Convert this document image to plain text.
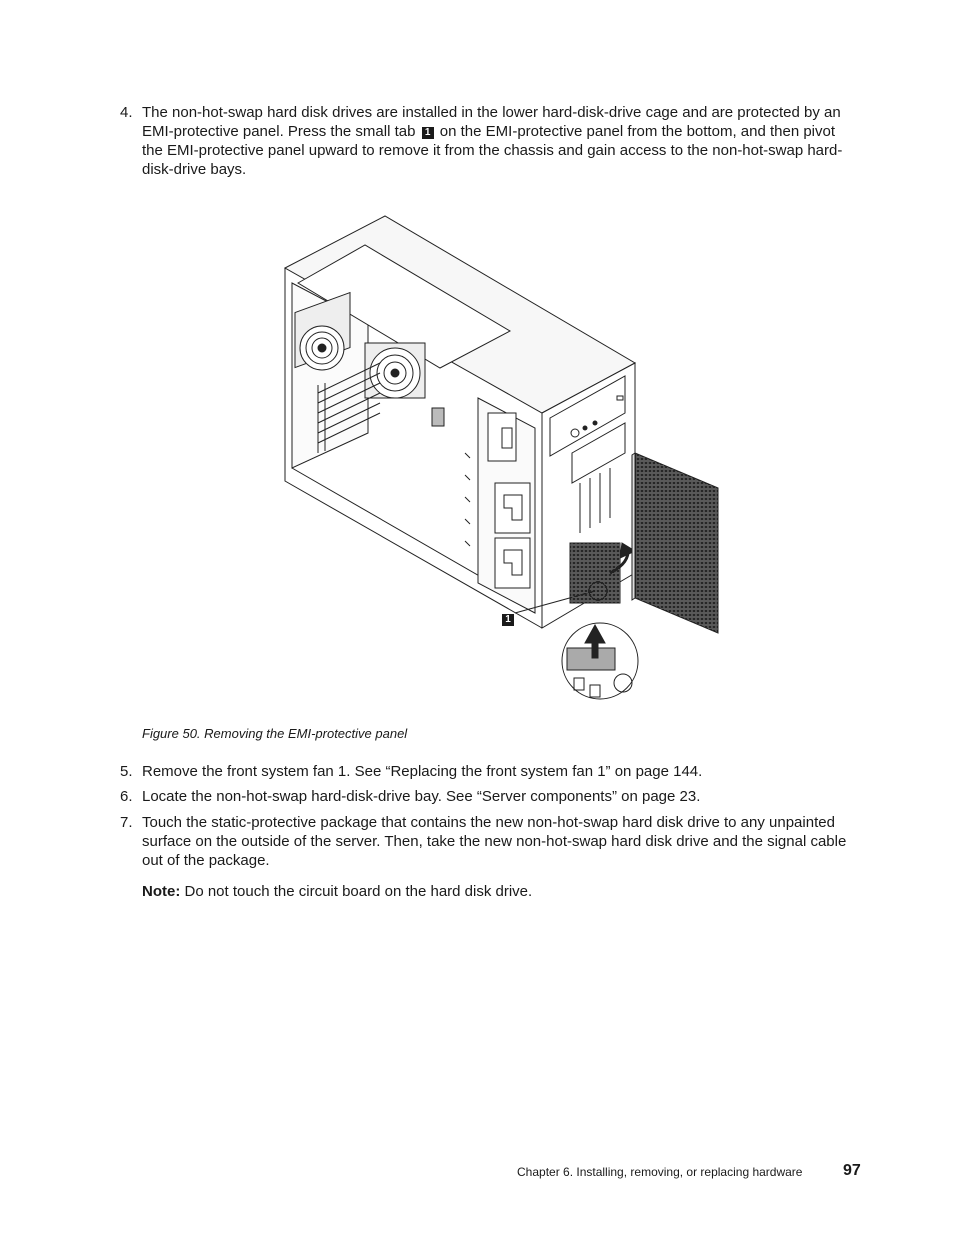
4. The non-hot-swap hard disk drives are installed in the lower hard-disk-drive cage and are protected by an EMI-protective panel. Press the small tab 1 on the EMI-protective panel from the bottom, and then pivot the EMI-protective panel upward to remove it from the chassis and gain access to the non-hot-swap hard-disk-drive bays.
1
Figure 50. Removing the EMI-protective panel
5. Remove the front system fan 1. See “Replacing the front system fan 1” on page 144.
6. Locate the non-hot-swap hard-disk-drive bay. See “Server components” on page 23.
7. Touch the static-protective package that contains the new non-hot-swap hard disk drive to any unpainted surface on the outside of the server. Then, take the new non-hot-swap hard disk drive and the signal cable out of the package.
Note: Do not touch the circuit board on the hard disk drive.
Chapter 6. Installing, removing, or replacing hardware	97
